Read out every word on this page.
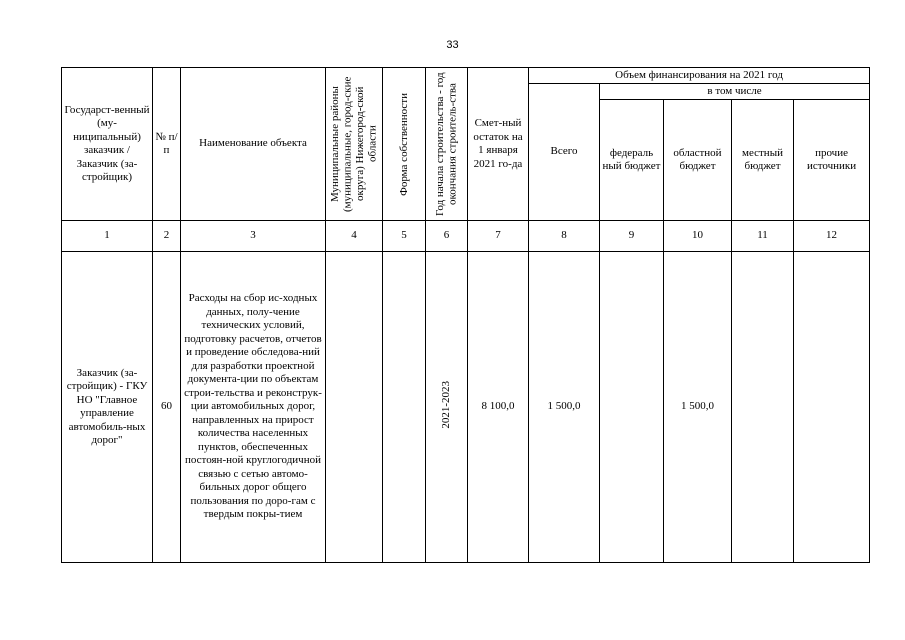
33
Государст-венный (му-ниципальный) заказчик / Заказчик (за-стройщик)	№ п/п	Наименование объекта	Муниципальные районы (муниципальные, город-ские округа) Нижегород-ской области	Форма собственности	Год начала строительства - год окончания строитель-ства	Смет-ный остаток на 1 января 2021 го-да	Объем финансирования на 2021 год				
							Всего	в том числе			
								федераль ный бюджет	областной бюджет	местный бюджет	прочие источники
1	2	3	4	5	6	7	8	9	10	11	12
Заказчик (за-стройщик) - ГКУ НО "Главное управление автомобиль-ных дорог"	60	Расходы на сбор ис-ходных данных, полу-чение технических условий, подготовку расчетов, отчетов и проведение обследова-ний для разработки проектной документа-ции по объектам строи-тельства и реконструк-ции автомобильных дорог, направленных на прирост количества населенных пунктов, обеспеченных постоян-ной круглогодичной связью с сетью автомо-бильных дорог общего пользования по доро-гам с твердым покры-тием			2021-2023	8 100,0	1 500,0		1 500,0		
